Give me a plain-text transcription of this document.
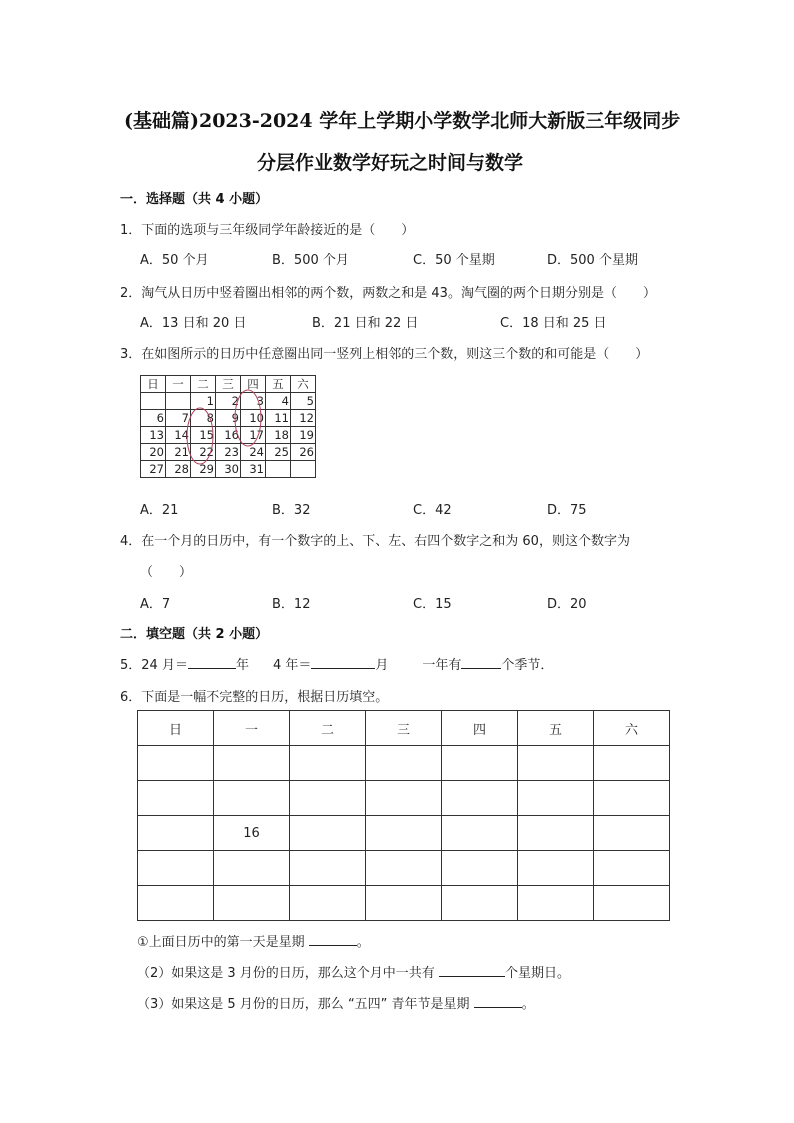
(基础篇)2023-2024 学年上学期小学数学北师大新版三年级同步
分层作业数学好玩之时间与数学
一．选择题（共 4 小题）
1．下面的选项与三年级同学年龄接近的是（　　）
A．50 个月	B．500 个月	C．50 个星期	D．500 个星期
2．淘气从日历中竖着圈出相邻的两个数，两数之和是 43。淘气圈的两个日期分别是（　　）
A．13 日和 20 日	B．21 日和 22 日	C．18 日和 25 日
3．在如图所示的日历中任意圈出同一竖列上相邻的三个数，则这三个数的和可能是（　　）
日	一	二	三	四	五	六
		1	2	3	4	5
6	7	8	9	10	11	12
13	14	15	16	17	18	19
20	21	22	23	24	25	26
27	28	29	30	31		
A．21	B．32	C．42	D．75
4．在一个月的日历中，有一个数字的上、下、左、右四个数字之和为 60，则这个数字为
（　　）
A．7	B．12	C．15	D．20
二．填空题（共 2 小题）
5．24 月＝	年 4 年＝	月	一年有	个季节．
6．下面是一幅不完整的日历，根据日历填空。
日	一	二	三	四	五	六

	16					

①上面日历中的第一天是星期	。
（2）如果这是 3 月份的日历，那么这个月中一共有	个星期日。
（3）如果这是 5 月份的日历，那么 “五四” 青年节是星期	。
